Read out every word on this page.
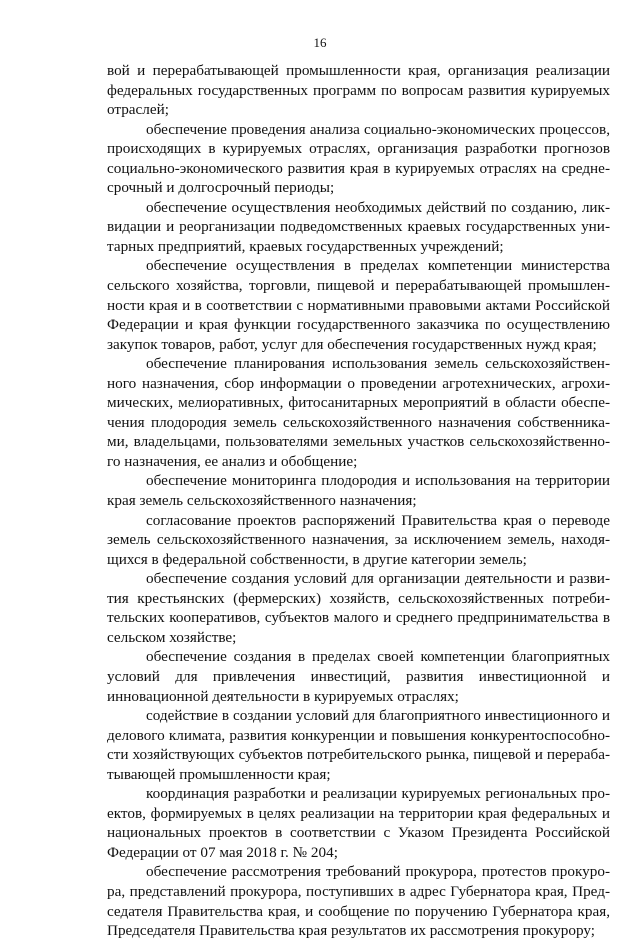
16

вой и перерабатывающей промышленности края, организация реализации федеральных государственных программ по вопросам развития курируемых отраслей;

обеспечение проведения анализа социально-экономических процессов, происходящих в курируемых отраслях, организация разработки прогнозов социально-экономического развития края в курируемых отраслях на среднесрочный и долгосрочный периоды;

обеспечение осуществления необходимых действий по созданию, ликвидации и реорганизации подведомственных краевых государственных унитарных предприятий, краевых государственных учреждений;

обеспечение осуществления в пределах компетенции министерства сельского хозяйства, торговли, пищевой и перерабатывающей промышленности края и в соответствии с нормативными правовыми актами Российской Федерации и края функции государственного заказчика по осуществлению закупок товаров, работ, услуг для обеспечения государственных нужд края;

обеспечение планирования использования земель сельскохозяйственного назначения, сбор информации о проведении агротехнических, агрохимических, мелиоративных, фитосанитарных мероприятий в области обеспечения плодородия земель сельскохозяйственного назначения собственниками, владельцами, пользователями земельных участков сельскохозяйственного назначения, ее анализ и обобщение;

обеспечение мониторинга плодородия и использования на территории края земель сельскохозяйственного назначения;

согласование проектов распоряжений Правительства края о переводе земель сельскохозяйственного назначения, за исключением земель, находящихся в федеральной собственности, в другие категории земель;

обеспечение создания условий для организации деятельности и развития крестьянских (фермерских) хозяйств, сельскохозяйственных потребительских кооперативов, субъектов малого и среднего предпринимательства в сельском хозяйстве;

обеспечение создания в пределах своей компетенции благоприятных условий для привлечения инвестиций, развития инвестиционной и инновационной деятельности в курируемых отраслях;

содействие в создании условий для благоприятного инвестиционного и делового климата, развития конкуренции и повышения конкурентоспособности хозяйствующих субъектов потребительского рынка, пищевой и перерабатывающей промышленности края;

координация разработки и реализации курируемых региональных проектов, формируемых в целях реализации на территории края федеральных и национальных проектов в соответствии с Указом Президента Российской Федерации от 07 мая 2018 г. № 204;

обеспечение рассмотрения требований прокурора, протестов прокурора, представлений прокурора, поступивших в адрес Губернатора края, Председателя Правительства края, и сообщение по поручению Губернатора края, Председателя Правительства края результатов их рассмотрения прокурору;
